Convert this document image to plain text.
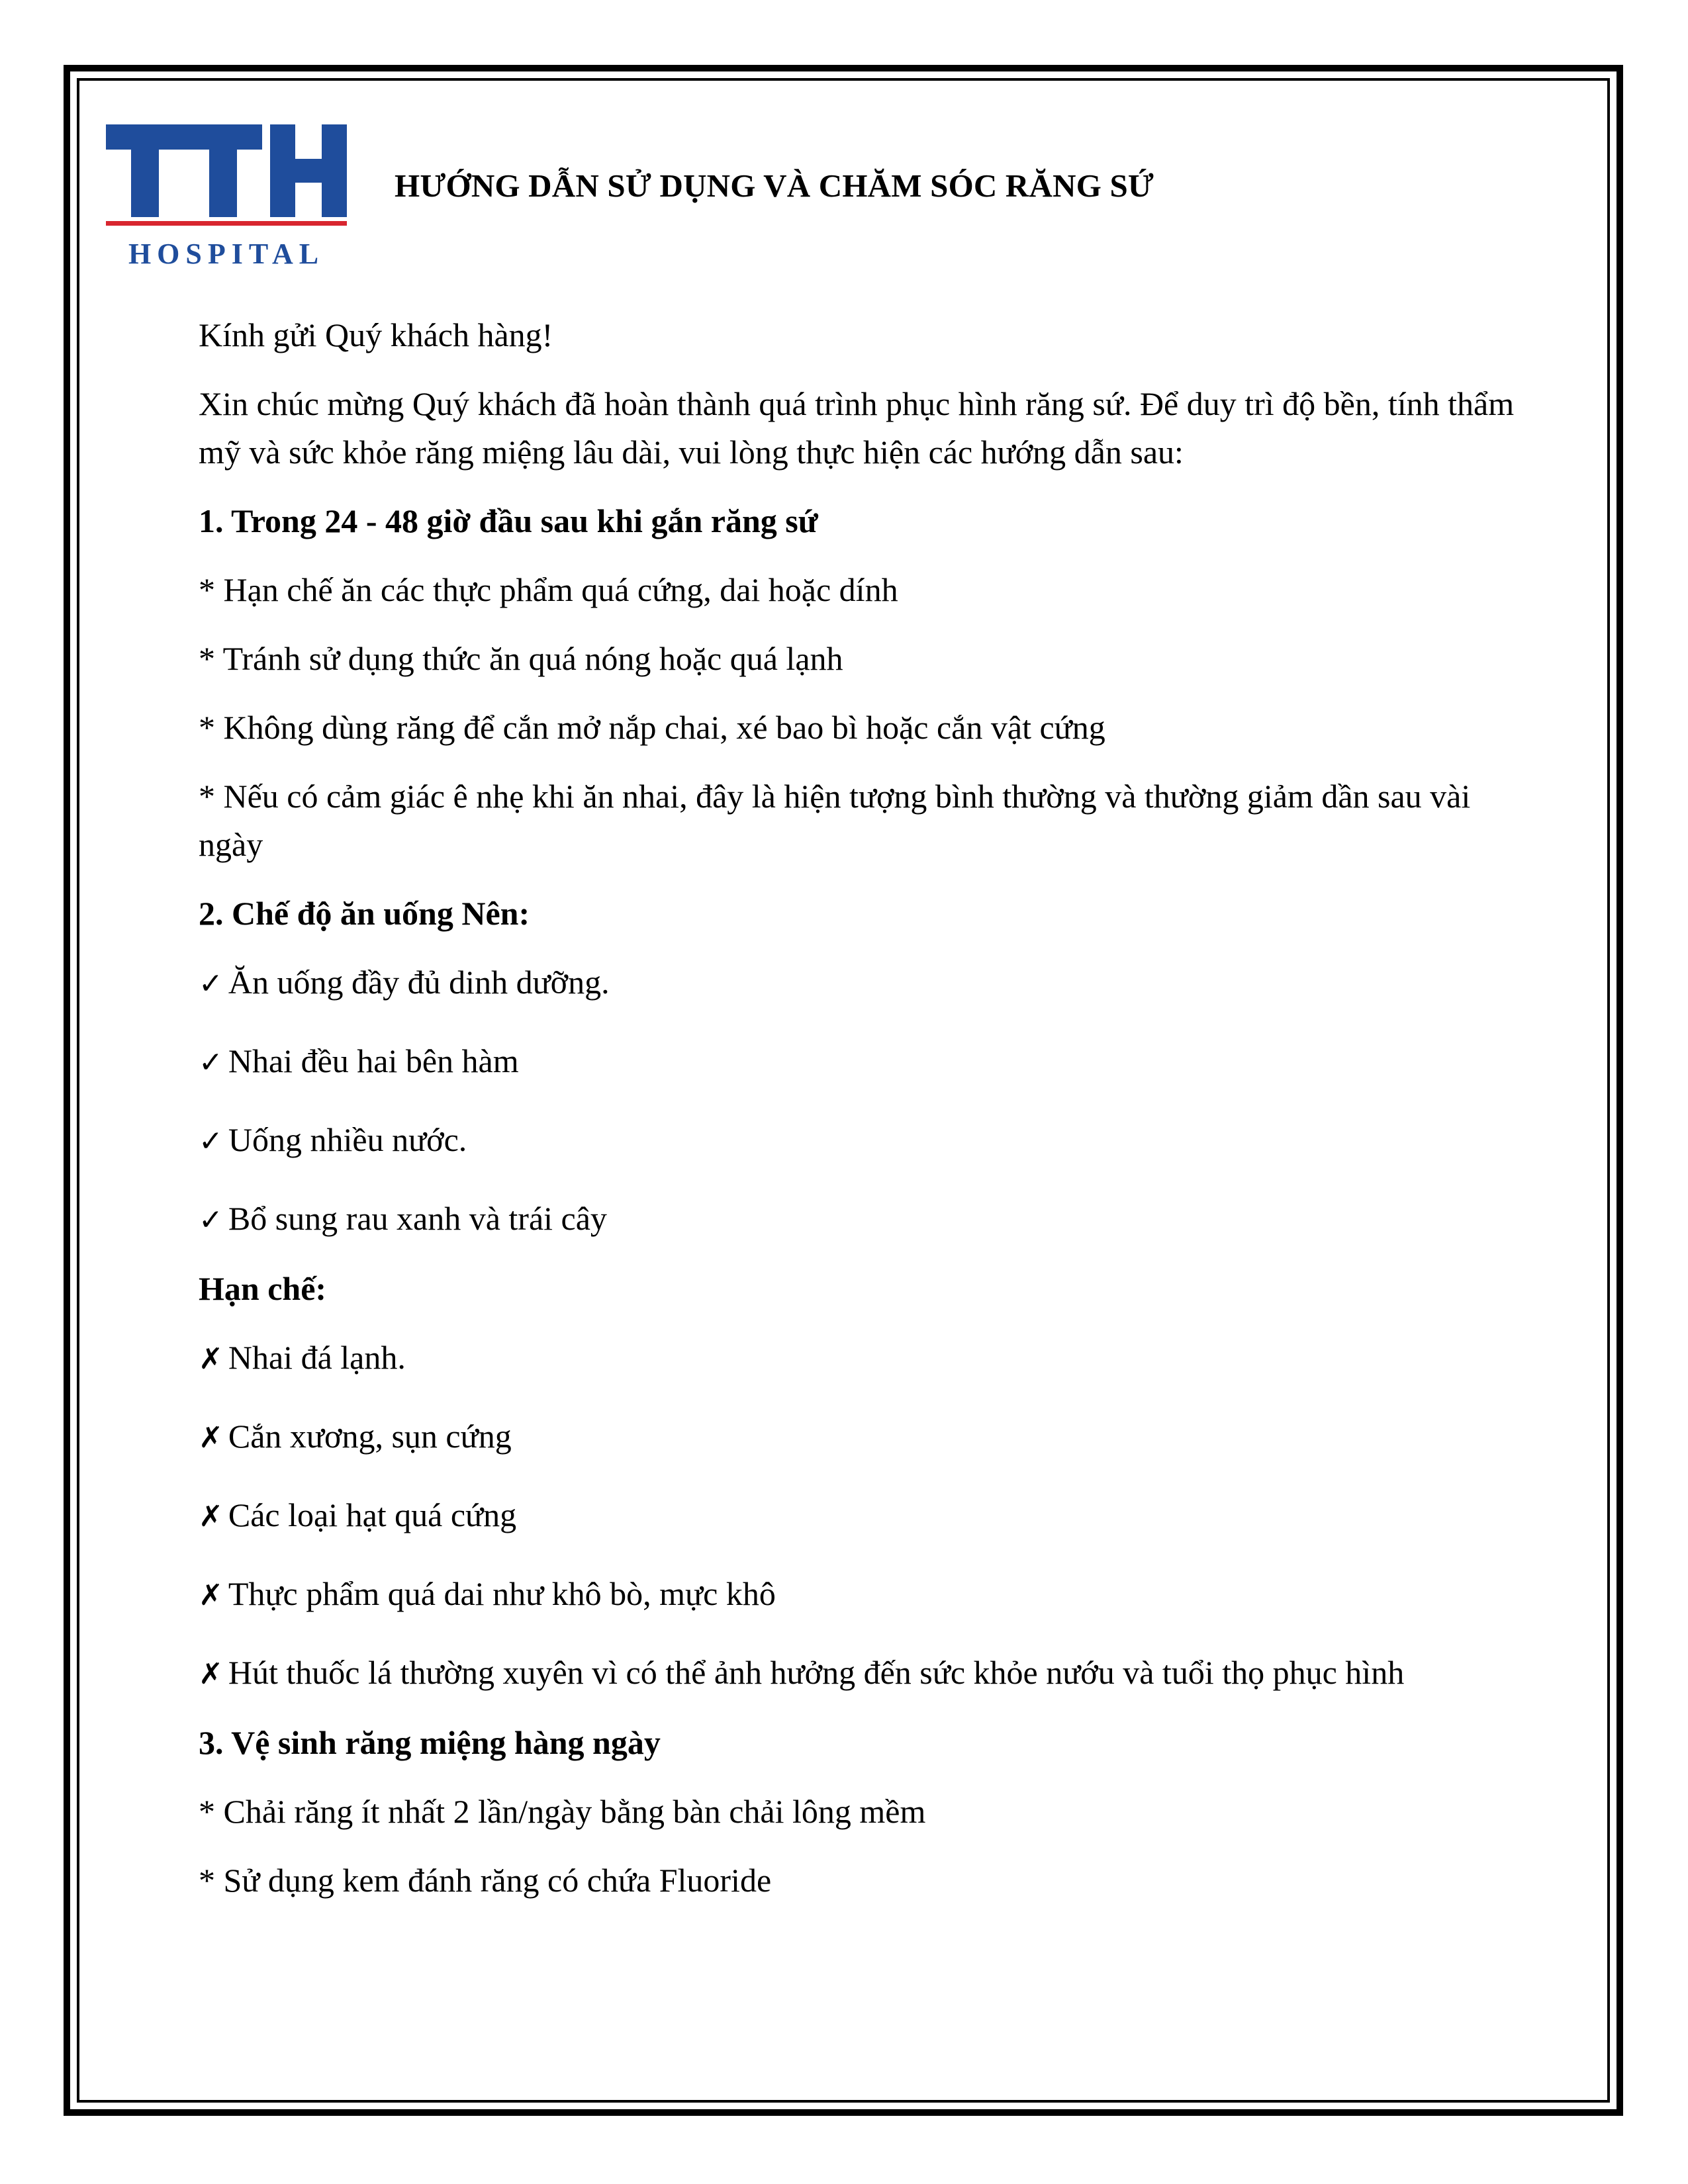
HOSPITAL
HƯỚNG DẪN SỬ DỤNG VÀ CHĂM SÓC RĂNG SỨ

Kính gửi Quý khách hàng!

Xin chúc mừng Quý khách đã hoàn thành quá trình phục hình răng sứ. Để duy trì độ bền, tính thẩm mỹ và sức khỏe răng miệng lâu dài, vui lòng thực hiện các hướng dẫn sau:

1. Trong 24 - 48 giờ đầu sau khi gắn răng sứ

* Hạn chế ăn các thực phẩm quá cứng, dai hoặc dính

* Tránh sử dụng thức ăn quá nóng hoặc quá lạnh

* Không dùng răng để cắn mở nắp chai, xé bao bì hoặc cắn vật cứng

* Nếu có cảm giác ê nhẹ khi ăn nhai, đây là hiện tượng bình thường và thường giảm dần sau vài ngày

2. Chế độ ăn uống Nên:

✓ Ăn uống đầy đủ dinh dưỡng.

✓ Nhai đều hai bên hàm

✓ Uống nhiều nước.

✓ Bổ sung rau xanh và trái cây

Hạn chế:

✗ Nhai đá lạnh.

✗ Cắn xương, sụn cứng

✗ Các loại hạt quá cứng

✗ Thực phẩm quá dai như khô bò, mực khô

✗ Hút thuốc lá thường xuyên vì có thể ảnh hưởng đến sức khỏe nướu và tuổi thọ phục hình

3. Vệ sinh răng miệng hàng ngày

* Chải răng ít nhất 2 lần/ngày bằng bàn chải lông mềm

* Sử dụng kem đánh răng có chứa Fluoride
